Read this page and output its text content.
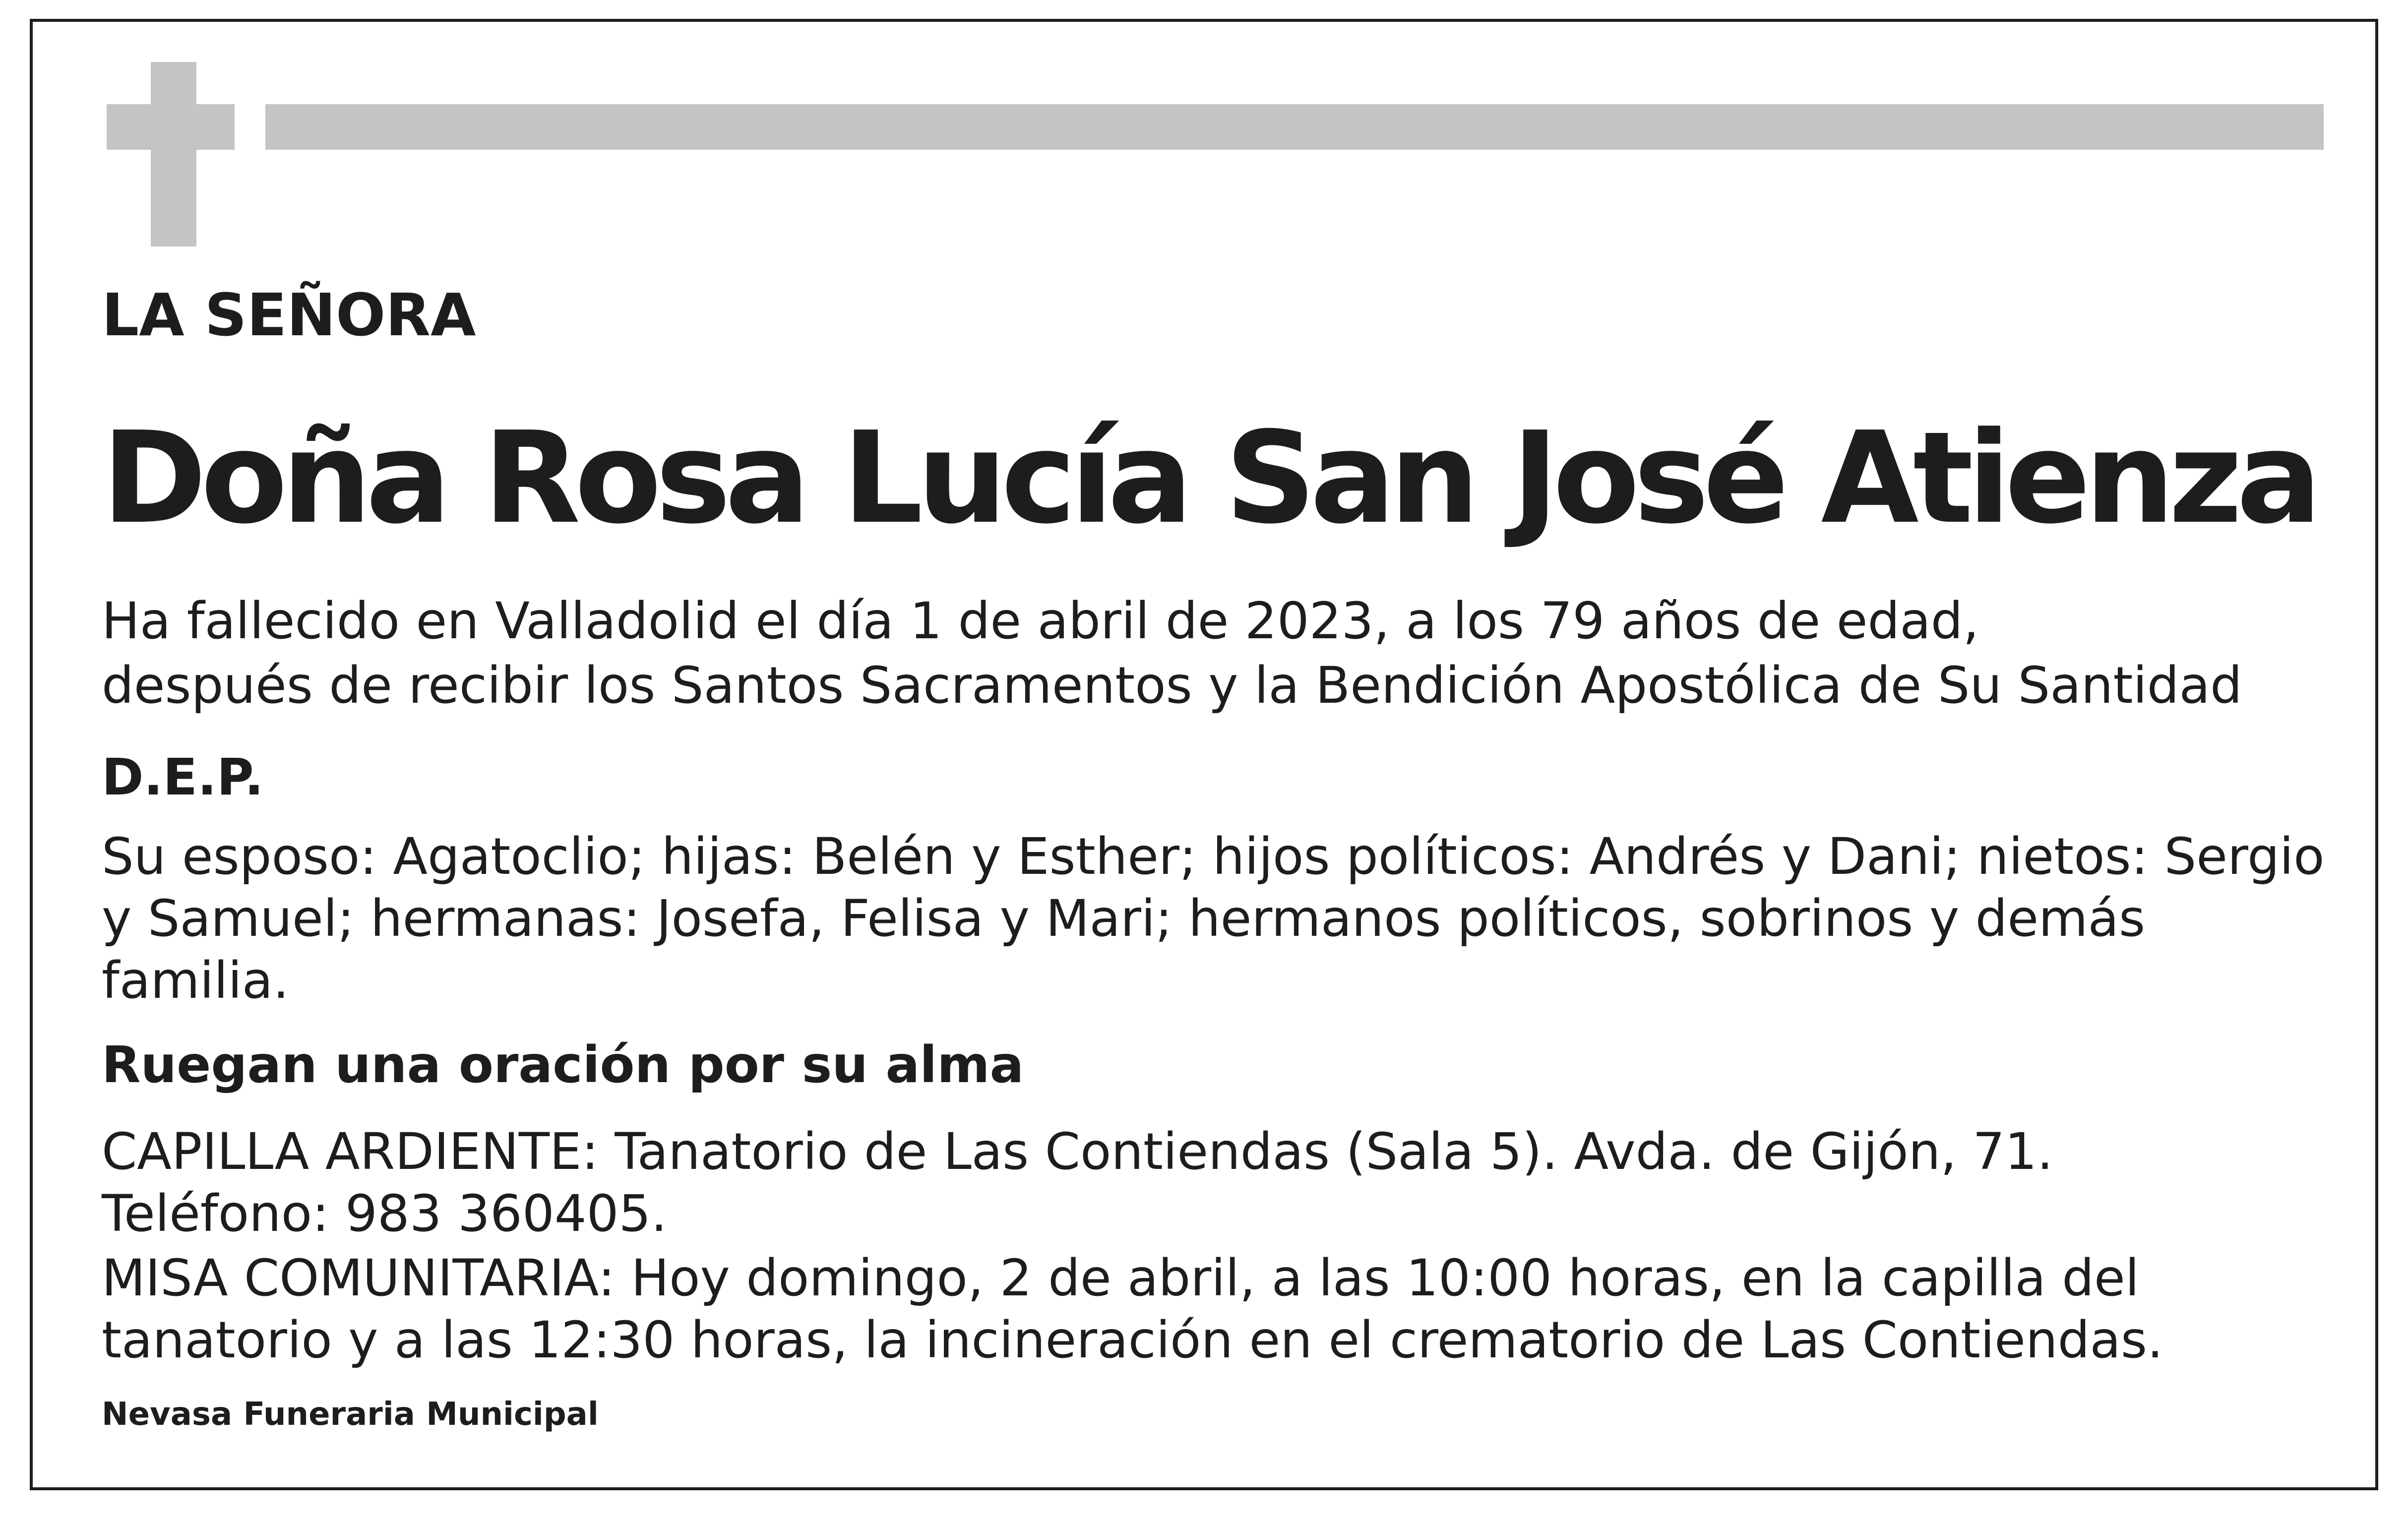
LA SEÑORA
Doña Rosa Lucía San José Atienza
Ha fallecido en Valladolid el día 1 de abril de 2023, a los 79 años de edad,
después de recibir los Santos Sacramentos y la Bendición Apostólica de Su Santidad
D.E.P.
Su esposo: Agatoclio; hijas: Belén y Esther; hijos políticos: Andrés y Dani; nietos: Sergio
y Samuel; hermanas: Josefa, Felisa y Mari; hermanos políticos, sobrinos y demás
familia.
Ruegan una oración por su alma
CAPILLA ARDIENTE: Tanatorio de Las Contiendas (Sala 5). Avda. de Gijón, 71.
Teléfono: 983 360405.
MISA COMUNITARIA: Hoy domingo, 2 de abril, a las 10:00 horas, en la capilla del
tanatorio y a las 12:30 horas, la incineración en el crematorio de Las Contiendas.
Nevasa Funeraria Municipal
